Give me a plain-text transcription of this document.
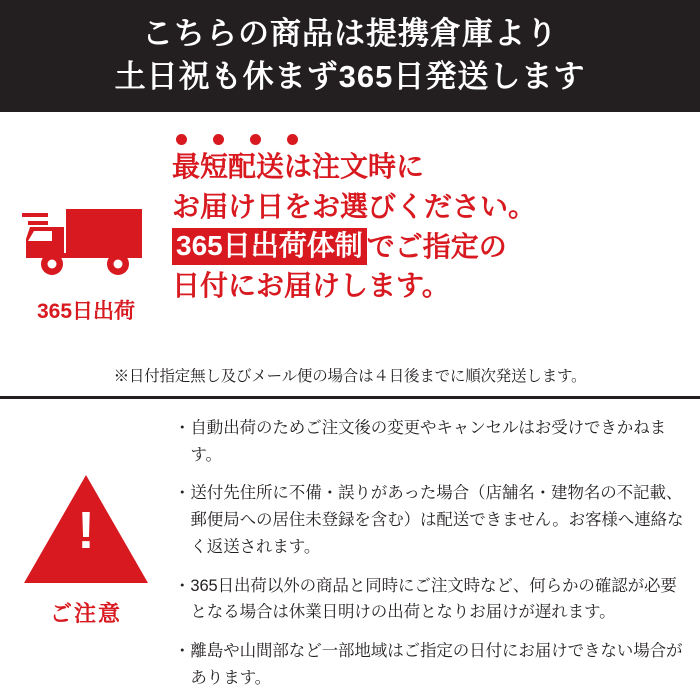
こちらの商品は提携倉庫より
土日祝も休まず365日発送します
365日出荷
最短配送は注文時に
お届け日をお選びください。
365日出荷体制 でご指定の
日付にお届けします。
※日付指定無し及びメール便の場合は４日後までに順次発送します。
!
ご注意
・ 自動出荷のためご注文後の変更やキャンセルはお受けできかねます。
・ 送付先住所に不備・誤りがあった場合（店舗名・建物名の不記載、郵便局への居住未登録を含む）は配送できません。お客様へ連絡なく返送されます。
・ 365日出荷以外の商品と同時にご注文時など、何らかの確認が必要となる場合は休業日明けの出荷となりお届けが遅れます。
・ 離島や山間部など一部地域はご指定の日付にお届けできない場合があります。
